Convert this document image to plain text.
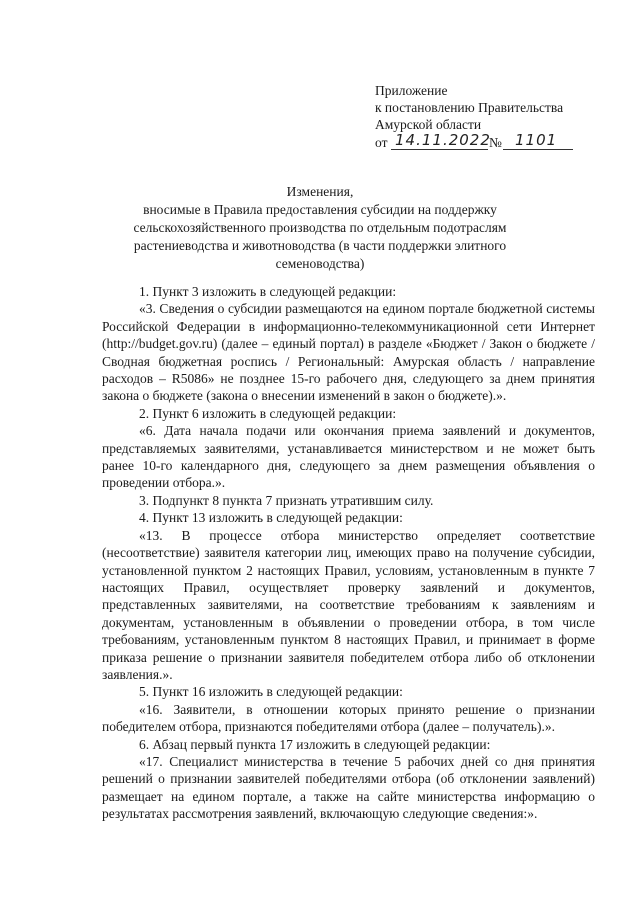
Приложение
к постановлению Правительства
Амурской области
от 14.11.2022
№ 1101

Изменения,

вносимые в Правила предоставления субсидии на поддержку

сельскохозяйственного производства по отдельным подотраслям

растениеводства и животноводства (в части поддержки элитного

семеноводства)

1. Пункт 3 изложить в следующей редакции:

«3. Сведения о субсидии размещаются на едином портале бюджетной системы Российской Федерации в информационно-телекоммуникационной сети Интернет (http://budget.gov.ru) (далее – единый портал) в разделе «Бюджет / Закон о бюджете / Сводная бюджетная роспись / Региональный: Амурская область / направление расходов – R5086» не позднее 15-го рабочего дня, следующего за днем принятия закона о бюджете (закона о внесении изменений в закон о бюджете).».

2. Пункт 6 изложить в следующей редакции:

«6. Дата начала подачи или окончания приема заявлений и документов, представляемых заявителями, устанавливается министерством и не может быть ранее 10-го календарного дня, следующего за днем размещения объявления о проведении отбора.».

3. Подпункт 8 пункта 7 признать утратившим силу.

4. Пункт 13 изложить в следующей редакции:

«13. В процессе отбора министерство определяет соответствие (несоответствие) заявителя категории лиц, имеющих право на получение субсидии, установленной пунктом 2 настоящих Правил, условиям, установленным в пункте 7 настоящих Правил, осуществляет проверку заявлений и документов, представленных заявителями, на соответствие требованиям к заявлениям и документам, установленным в объявлении о проведении отбора, в том числе требованиям, установленным пунктом 8 настоящих Правил, и принимает в форме приказа решение о признании заявителя победителем отбора либо об отклонении заявления.».

5. Пункт 16 изложить в следующей редакции:

«16. Заявители, в отношении которых принято решение о признании победителем отбора, признаются победителями отбора (далее – получатель).».

6. Абзац первый пункта 17 изложить в следующей редакции:

«17. Специалист министерства в течение 5 рабочих дней со дня принятия решений о признании заявителей победителями отбора (об отклонении заявлений) размещает на едином портале, а также на сайте министерства информацию о результатах рассмотрения заявлений, включающую следующие сведения:».
